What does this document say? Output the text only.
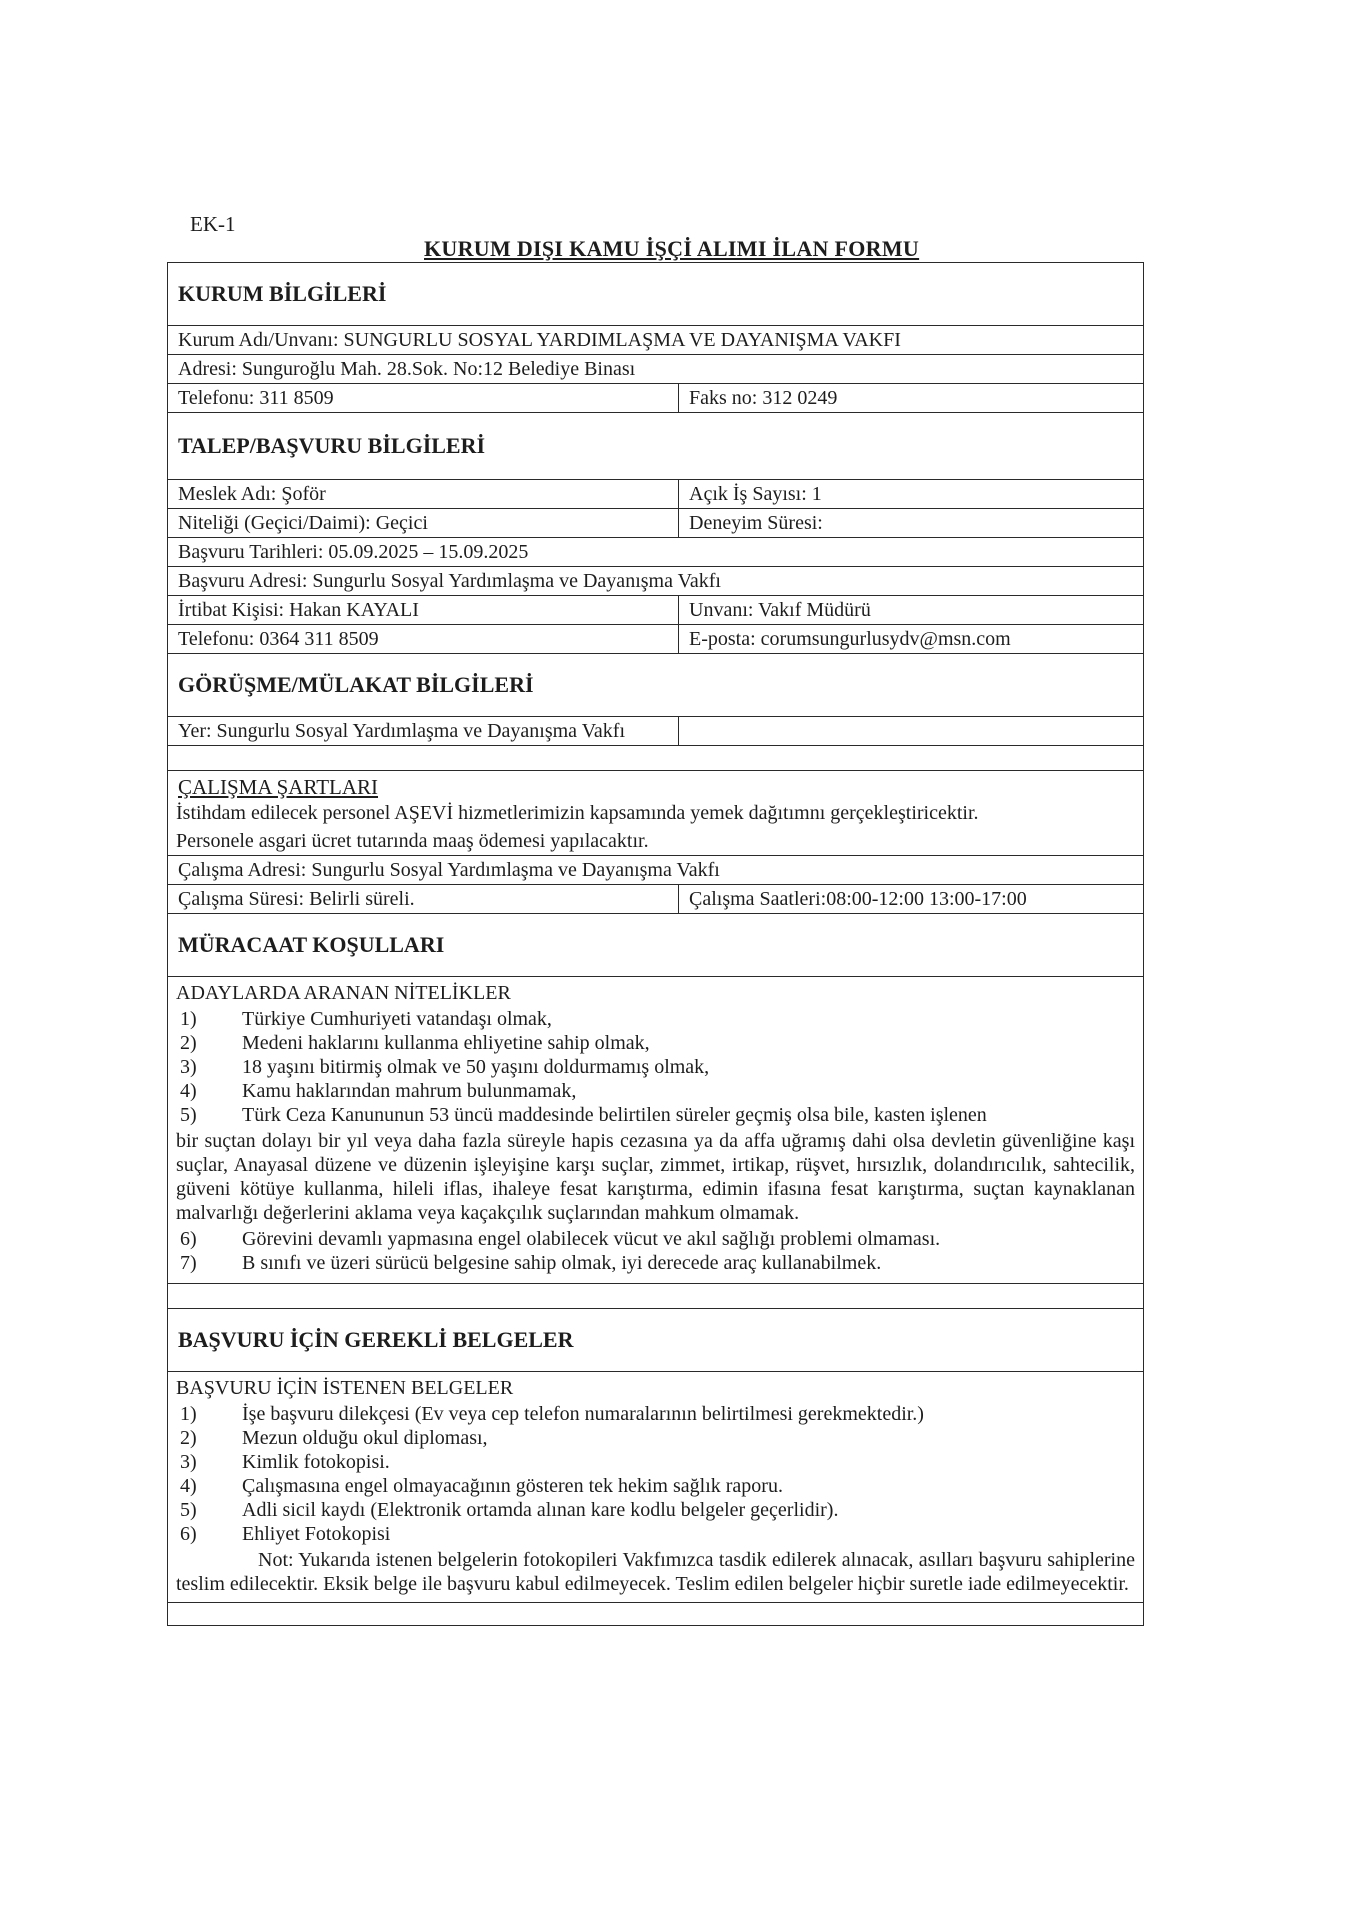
EK-1
KURUM DIŞI KAMU İŞÇİ ALIMI İLAN FORMU
KURUM BİLGİLERİ
Kurum Adı/Unvanı: SUNGURLU SOSYAL YARDIMLAŞMA VE DAYANIŞMA VAKFI
Adresi: Sunguroğlu Mah. 28.Sok. No:12 Belediye Binası
Telefonu: 311 8509	Faks no: 312 0249
TALEP/BAŞVURU BİLGİLERİ
Meslek Adı: Şoför	Açık İş Sayısı: 1
Niteliği (Geçici/Daimi): Geçici	Deneyim Süresi:
Başvuru Tarihleri: 05.09.2025 – 15.09.2025
Başvuru Adresi: Sungurlu Sosyal Yardımlaşma ve Dayanışma Vakfı
İrtibat Kişisi: Hakan KAYALI	Unvanı: Vakıf Müdürü
Telefonu: 0364 311 8509	E-posta: corumsungurlusydv@msn.com
GÖRÜŞME/MÜLAKAT BİLGİLERİ
Yer: Sungurlu Sosyal Yardımlaşma ve Dayanışma Vakfı
ÇALIŞMA ŞARTLARI
İstihdam edilecek personel AŞEVİ hizmetlerimizin kapsamında yemek dağıtımnı gerçekleştiricektir.
Personele asgari ücret tutarında maaş ödemesi yapılacaktır.
Çalışma Adresi: Sungurlu Sosyal Yardımlaşma ve Dayanışma Vakfı
Çalışma Süresi: Belirli süreli.	Çalışma Saatleri:08:00-12:00 13:00-17:00
MÜRACAAT KOŞULLARI
ADAYLARDA ARANAN NİTELİKLER
1)	Türkiye Cumhuriyeti vatandaşı olmak,
2)	Medeni haklarını kullanma ehliyetine sahip olmak,
3)	18 yaşını bitirmiş olmak ve 50 yaşını doldurmamış olmak,
4)	Kamu haklarından mahrum bulunmamak,
5)	Türk Ceza Kanununun 53 üncü maddesinde belirtilen süreler geçmiş olsa bile, kasten işlenen
bir suçtan dolayı bir yıl veya daha fazla süreyle hapis cezasına ya da affa uğramış dahi olsa devletin güvenliğine kaşı suçlar, Anayasal düzene ve düzenin işleyişine karşı suçlar, zimmet, irtikap, rüşvet, hırsızlık, dolandırıcılık, sahtecilik, güveni kötüye kullanma, hileli iflas, ihaleye fesat karıştırma, edimin ifasına fesat karıştırma, suçtan kaynaklanan malvarlığı değerlerini aklama veya kaçakçılık suçlarından mahkum olmamak.
6)	Görevini devamlı yapmasına engel olabilecek vücut ve akıl sağlığı problemi olmaması.
7)	B sınıfı ve üzeri sürücü belgesine sahip olmak, iyi derecede araç kullanabilmek.
BAŞVURU İÇİN GEREKLİ BELGELER
BAŞVURU İÇİN İSTENEN BELGELER
1)	İşe başvuru dilekçesi (Ev veya cep telefon numaralarının belirtilmesi gerekmektedir.)
2)	Mezun olduğu okul diploması,
3)	Kimlik fotokopisi.
4)	Çalışmasına engel olmayacağının gösteren tek hekim sağlık raporu.
5)	Adli sicil kaydı (Elektronik ortamda alınan kare kodlu belgeler geçerlidir).
6)	Ehliyet Fotokopisi
Not: Yukarıda istenen belgelerin fotokopileri Vakfımızca tasdik edilerek alınacak, asılları başvuru sahiplerine teslim edilecektir. Eksik belge ile başvuru kabul edilmeyecek. Teslim edilen belgeler hiçbir suretle iade edilmeyecektir.
